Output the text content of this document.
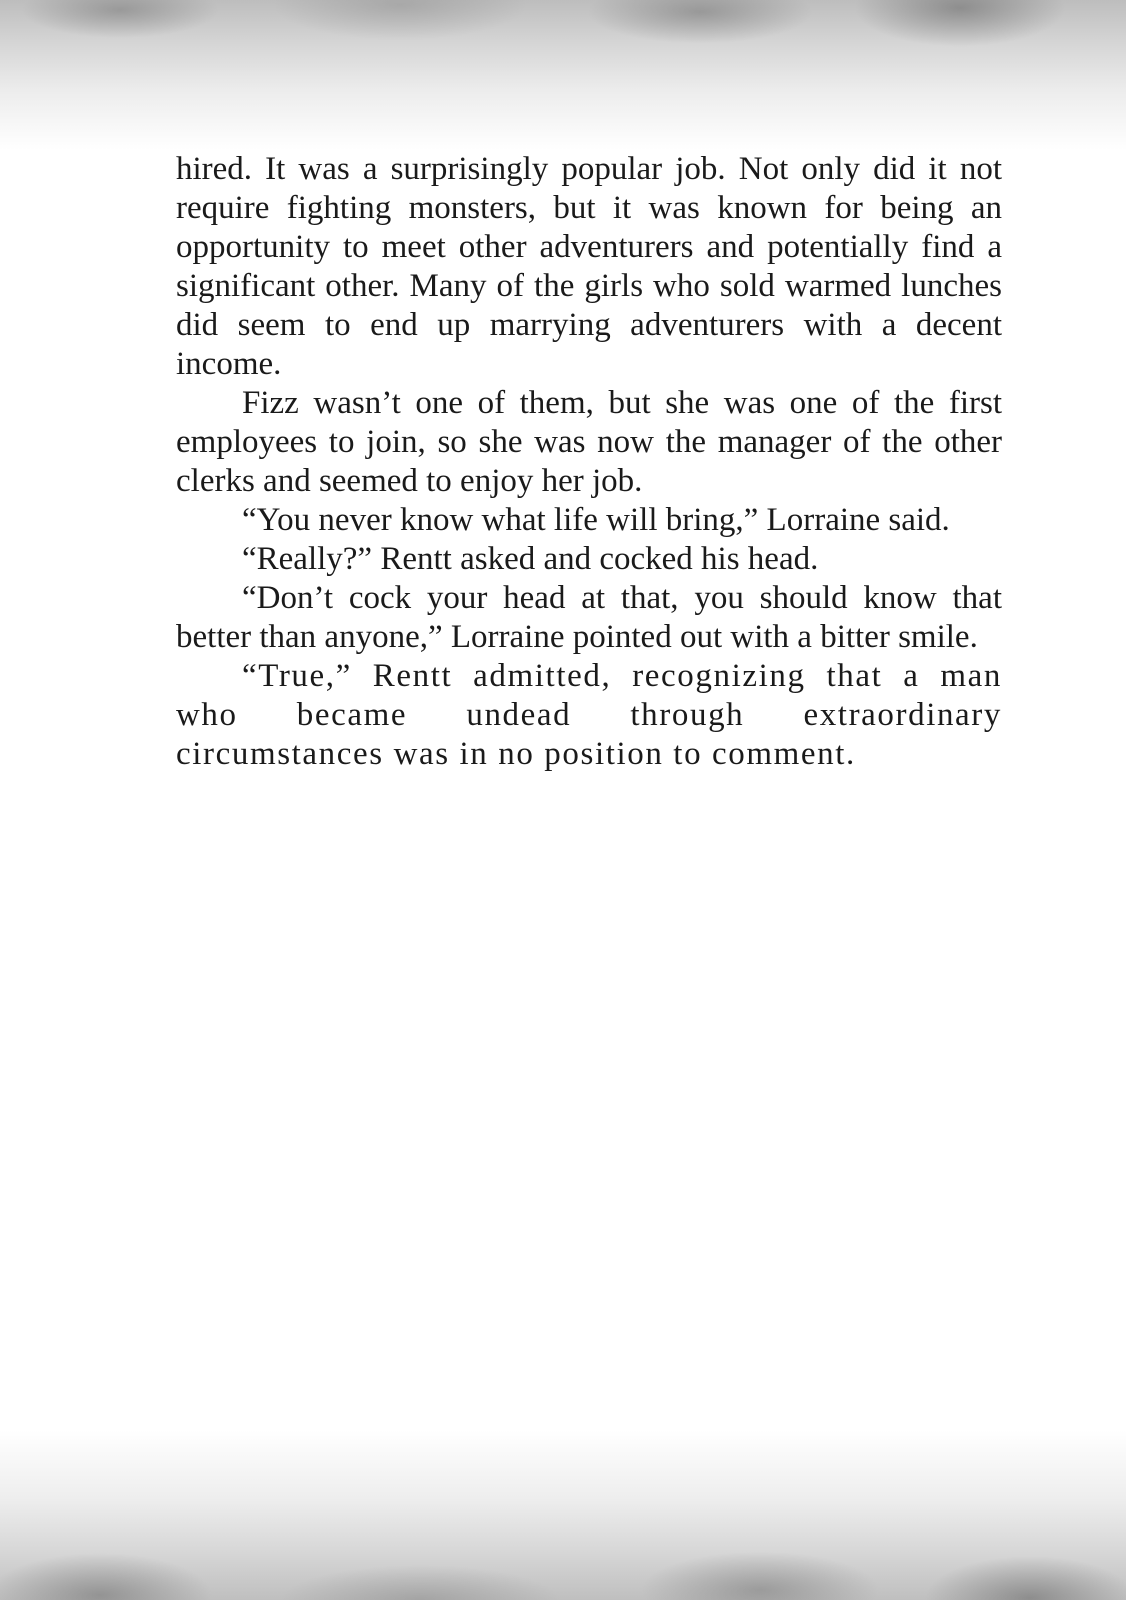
hired. It was a surprisingly popular job. Not only did it not require fighting monsters, but it was known for being an opportunity to meet other adventurers and potentially find a significant other. Many of the girls who sold warmed lunches did seem to end up marrying adventurers with a decent income.

Fizz wasn’t one of them, but she was one of the first employees to join, so she was now the manager of the other clerks and seemed to enjoy her job.

“You never know what life will bring,” Lorraine said.

“Really?” Rentt asked and cocked his head.

“Don’t cock your head at that, you should know that better than anyone,” Lorraine pointed out with a bitter smile.

“True,” Rentt admitted, recognizing that a man who became undead through extraordinary circumstances was in no position to comment.
